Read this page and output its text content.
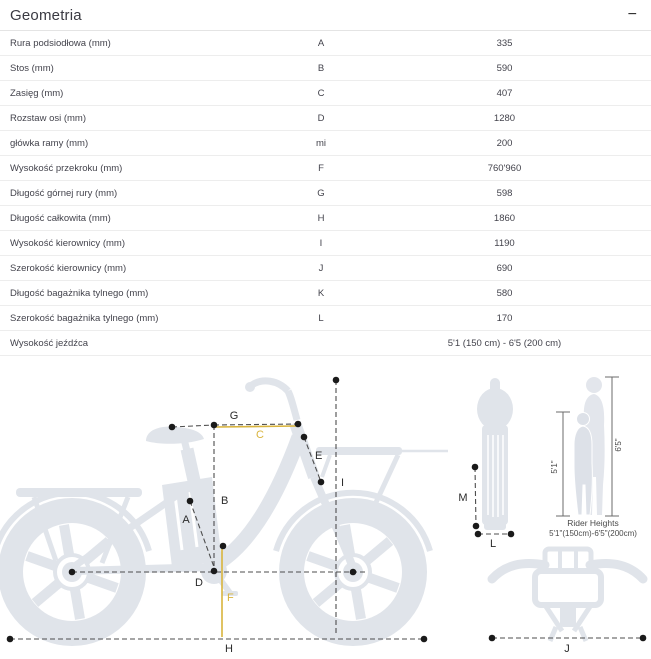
Geometria	−
Rura podsiodłowa (mm)	A	335
Stos (mm)	B	590
Zasięg (mm)	C	407
Rozstaw osi (mm)	D	1280
główka ramy (mm)	mi	200
Wysokość przekroku (mm)	F	760'960
Długość górnej rury (mm)	G	598
Długość całkowita (mm)	H	1860
Wysokość kierownicy (mm)	I	1190
Szerokość kierownicy (mm)	J	690
Długość bagażnika tylnego (mm)	K	580
Szerokość bagażnika tylnego (mm)	L	170
Wysokość jeźdźca	5'1 (150 cm) - 6'5 (200 cm)
5'1"
6'5"
Rider Heights
5'1"(150cm)-6'5"(200cm)
G
C
E
I
B
A
D
F
H
M
L
J
